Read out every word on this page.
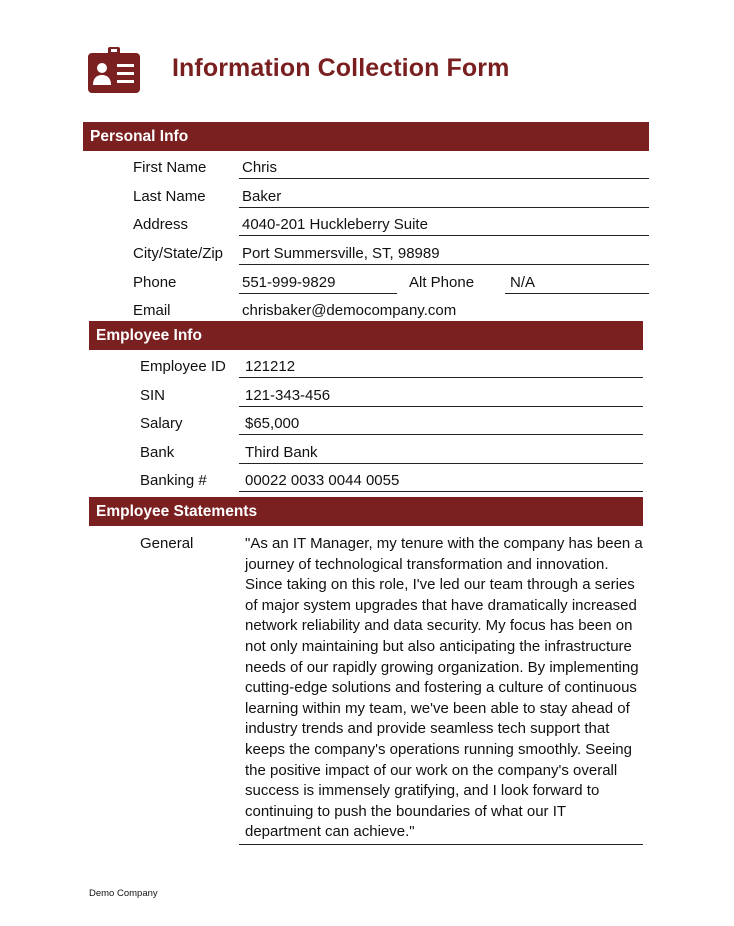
Information Collection Form
Personal Info
First Name Chris
Last Name Baker
Address	4040-201 Huckleberry Suite
City/State/Zip Port Summersville, ST, 98989
Phone	551-999-9829	Alt Phone	N/A
Email	chrisbaker@democompany.com
Employee Info
Employee ID	121212
SIN	121-343-456
Salary	$65,000
Bank	Third Bank
Banking #	00022 0033 0044 0055
Employee Statements
General	"As an IT Manager, my tenure with the company has been a journey of technological transformation and innovation. Since taking on this role, I've led our team through a series of major system upgrades that have dramatically increased network reliability and data security. My focus has been on not only maintaining but also anticipating the infrastructure needs of our rapidly growing organization. By implementing cutting-edge solutions and fostering a culture of continuous learning within my team, we've been able to stay ahead of industry trends and provide seamless tech support that keeps the company's operations running smoothly. Seeing the positive impact of our work on the company's overall success is immensely gratifying, and I look forward to continuing to push the boundaries of what our IT department can achieve."
Demo Company
